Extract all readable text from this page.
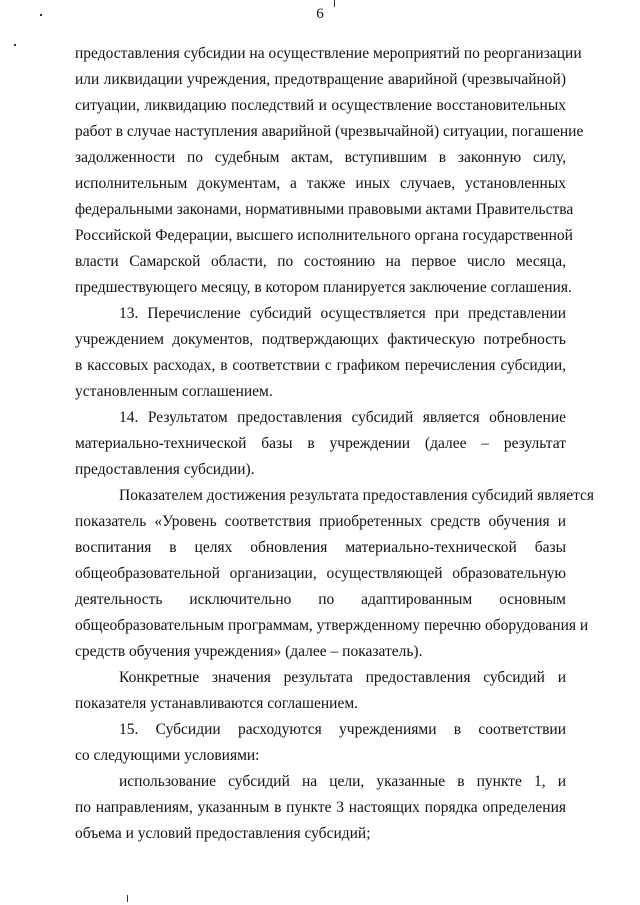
6
предоставления субсидии на осуществление мероприятий по реорганизации
или ликвидации учреждения, предотвращение аварийной (чрезвычайной)
ситуации, ликвидацию последствий и осуществление восстановительных
работ в случае наступления аварийной (чрезвычайной) ситуации, погашение
задолженности по судебным актам, вступившим в законную силу,
исполнительным документам, а также иных случаев, установленных
федеральными законами, нормативными правовыми актами Правительства
Российской Федерации, высшего исполнительного органа государственной
власти Самарской области, по состоянию на первое число месяца,
предшествующего месяцу, в котором планируется заключение соглашения.
13. Перечисление субсидий осуществляется при представлении
учреждением документов, подтверждающих фактическую потребность
в кассовых расходах, в соответствии с графиком перечисления субсидии,
установленным соглашением.
14. Результатом предоставления субсидий является обновление
материально-технической базы в учреждении (далее – результат
предоставления субсидии).
Показателем достижения результата предоставления субсидий является
показатель «Уровень соответствия приобретенных средств обучения и
воспитания в целях обновления материально-технической базы
общеобразовательной организации, осуществляющей образовательную
деятельность исключительно по адаптированным основным
общеобразовательным программам, утвержденному перечню оборудования и
средств обучения учреждения» (далее – показатель).
Конкретные значения результата предоставления субсидий и
показателя устанавливаются соглашением.
15. Субсидии расходуются учреждениями в соответствии
со следующими условиями:
использование субсидий на цели, указанные в пункте 1, и
по направлениям, указанным в пункте 3 настоящих порядка определения
объема и условий предоставления субсидий;
